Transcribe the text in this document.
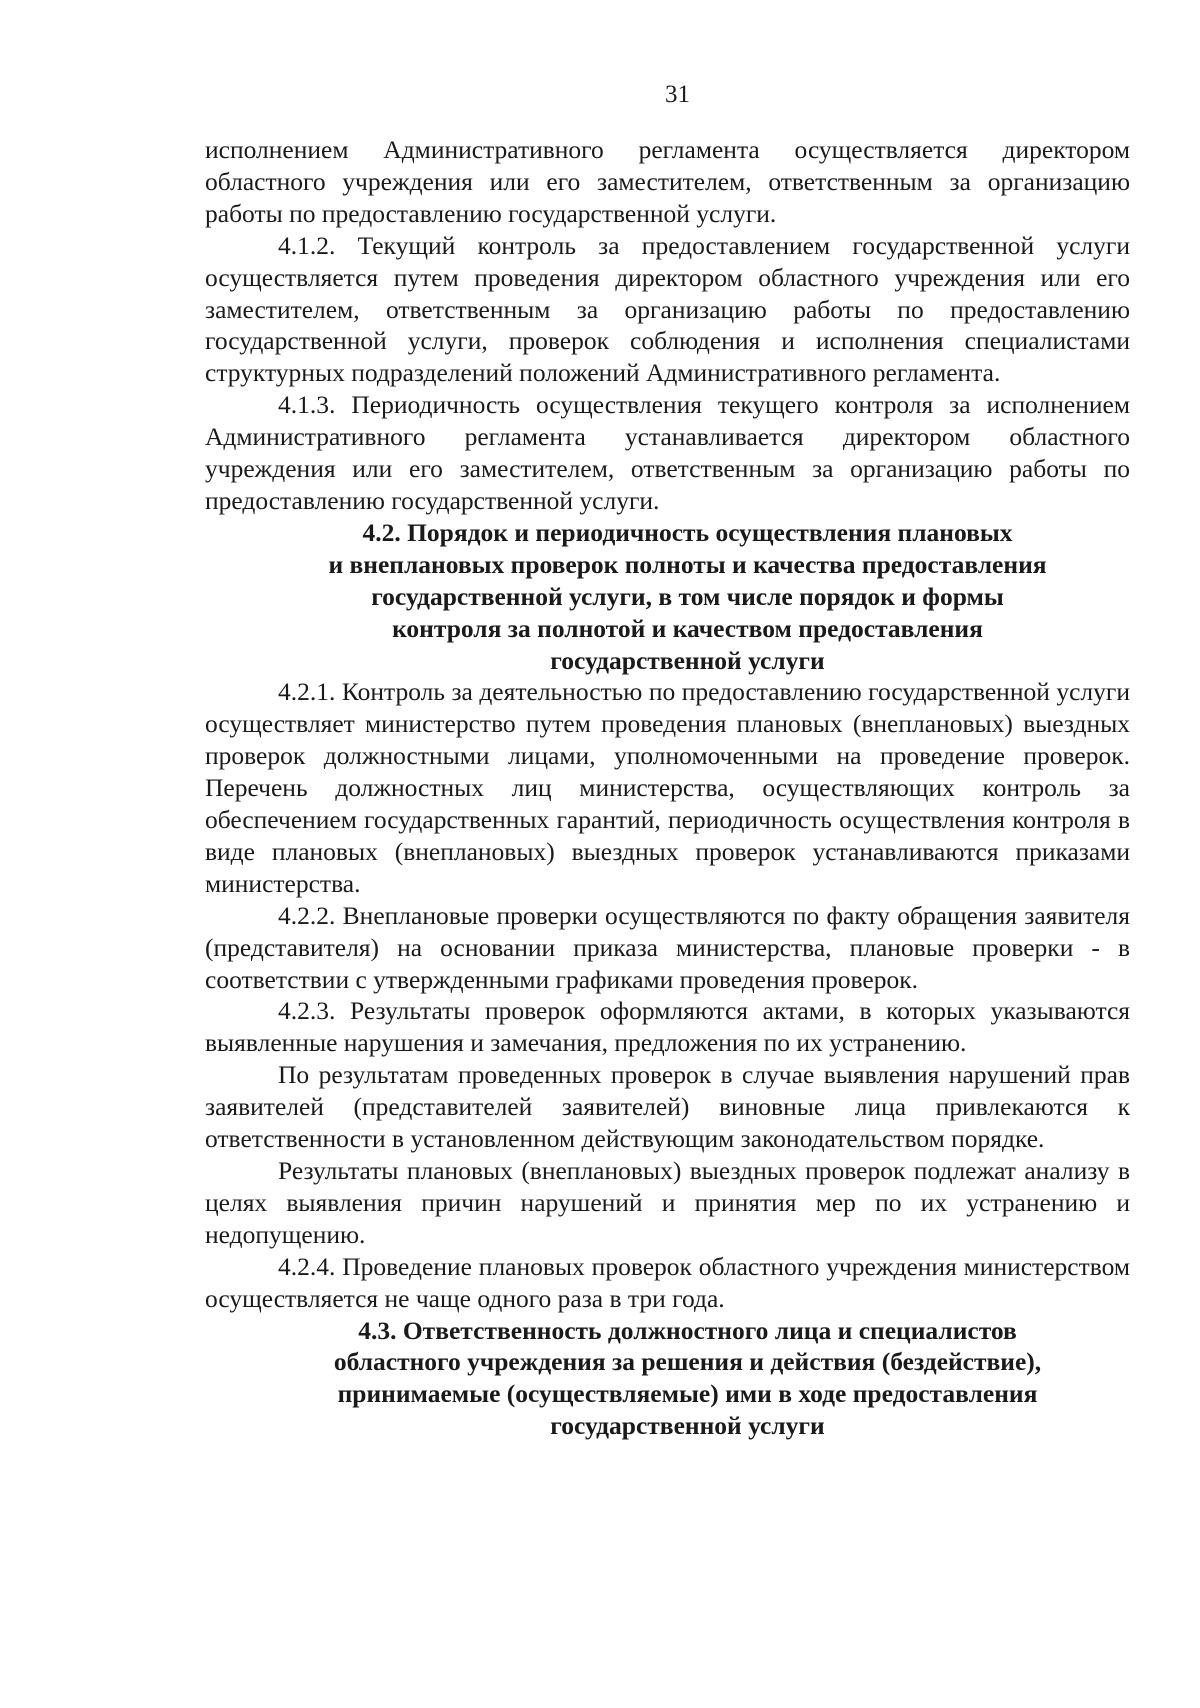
31

исполнением Административного регламента осуществляется директором областного учреждения или его заместителем, ответственным за организацию работы по предоставлению государственной услуги.

4.1.2. Текущий контроль за предоставлением государственной услуги осуществляется путем проведения директором областного учреждения или его заместителем, ответственным за организацию работы по предоставлению государственной услуги, проверок соблюдения и исполнения специалистами структурных подразделений положений Административного регламента.

4.1.3. Периодичность осуществления текущего контроля за исполнением Административного регламента устанавливается директором областного учреждения или его заместителем, ответственным за организацию работы по предоставлению государственной услуги.

4.2. Порядок и периодичность осуществления плановых
и внеплановых проверок полноты и качества предоставления
государственной услуги, в том числе порядок и формы
контроля за полнотой и качеством предоставления
государственной услуги

4.2.1. Контроль за деятельностью по предоставлению государственной услуги осуществляет министерство путем проведения плановых (внеплановых) выездных проверок должностными лицами, уполномоченными на проведение проверок. Перечень должностных лиц министерства, осуществляющих контроль за обеспечением государственных гарантий, периодичность осуществления контроля в виде плановых (внеплановых) выездных проверок устанавливаются приказами министерства.

4.2.2. Внеплановые проверки осуществляются по факту обращения заявителя (представителя) на основании приказа министерства, плановые проверки - в соответствии с утвержденными графиками проведения проверок.

4.2.3. Результаты проверок оформляются актами, в которых указываются выявленные нарушения и замечания, предложения по их устранению.

По результатам проведенных проверок в случае выявления нарушений прав заявителей (представителей заявителей) виновные лица привлекаются к ответственности в установленном действующим законодательством порядке.

Результаты плановых (внеплановых) выездных проверок подлежат анализу в целях выявления причин нарушений и принятия мер по их устранению и недопущению.

4.2.4. Проведение плановых проверок областного учреждения министерством осуществляется не чаще одного раза в три года.

4.3. Ответственность должностного лица и специалистов
областного учреждения за решения и действия (бездействие),
принимаемые (осуществляемые) ими в ходе предоставления
государственной услуги
